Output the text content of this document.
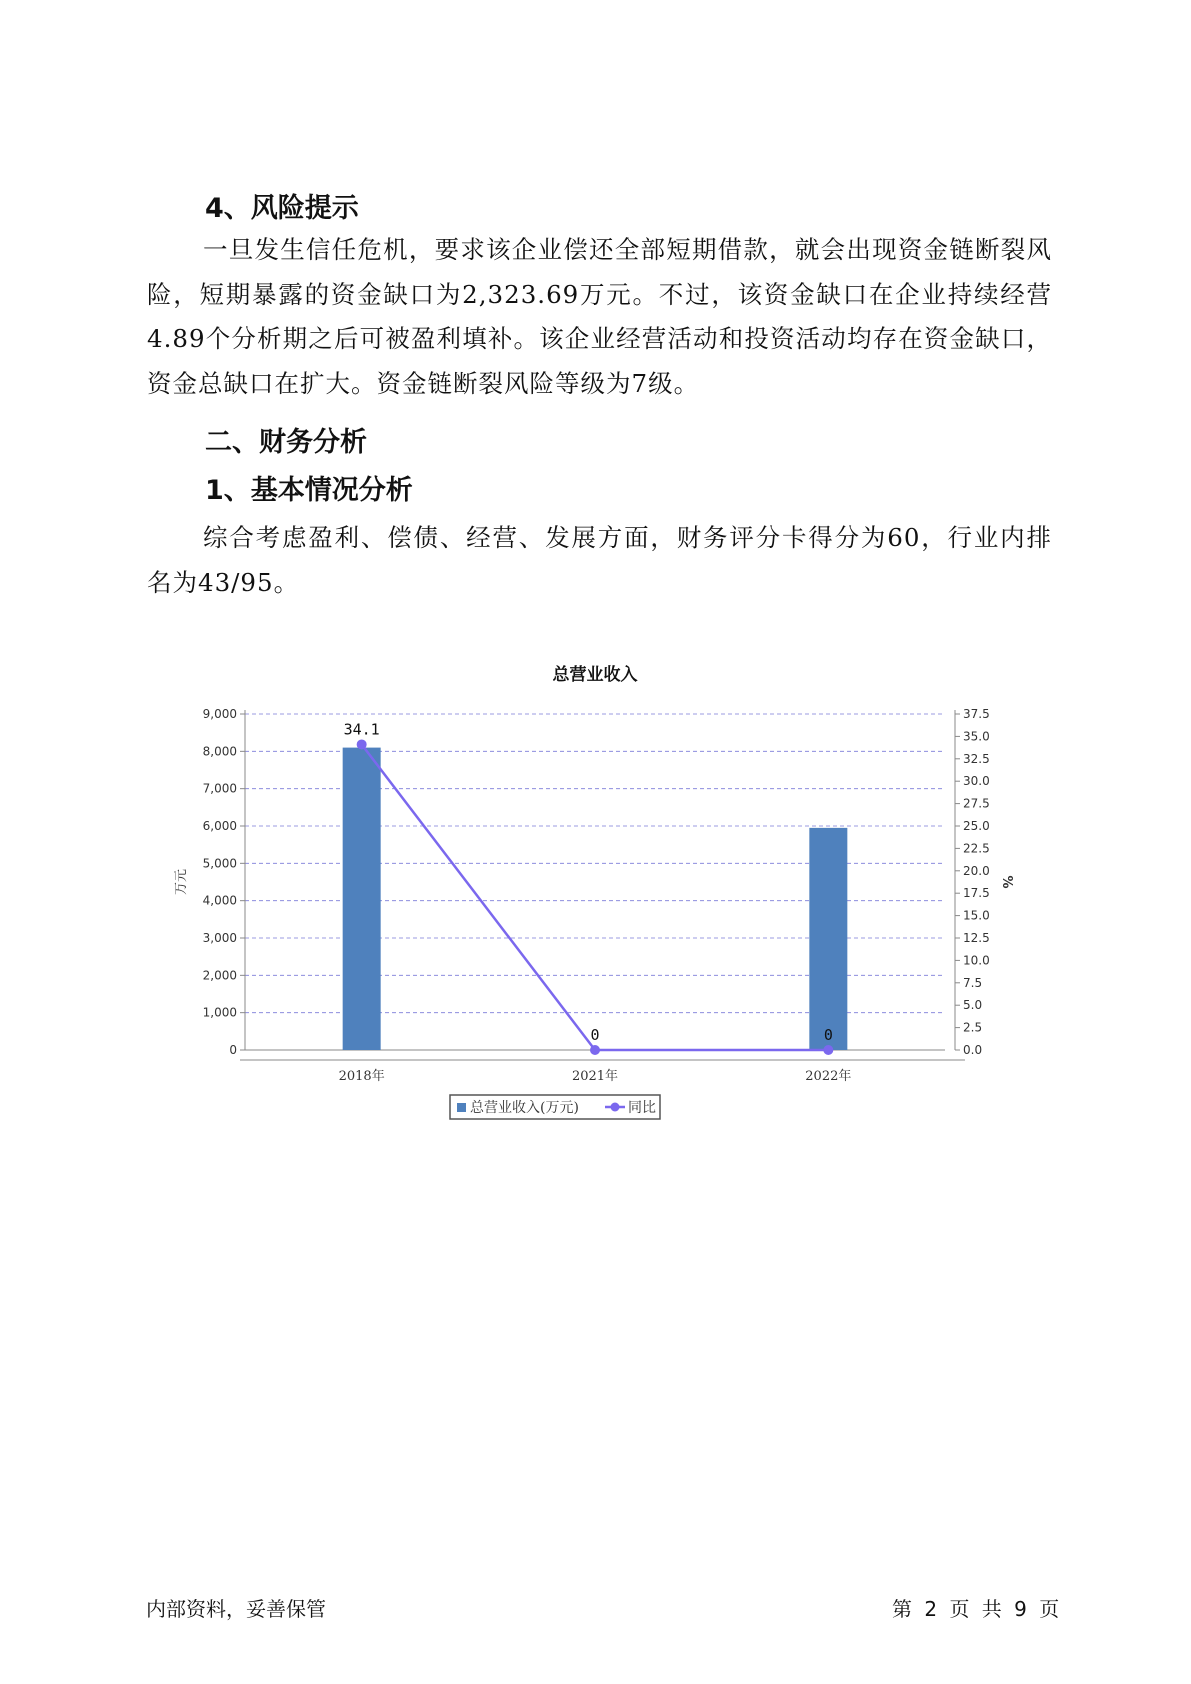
4、风险提示

一旦发生信任危机，要求该企业偿还全部短期借款，就会出现资金链断裂风险，短期暴露的资金缺口为2,323.69万元。不过，该资金缺口在企业持续经营 4.89个分析期之后可被盈利填补。该企业经营活动和投资活动均存在资金缺口，资金总缺口在扩大。资金链断裂风险等级为7级。

二、财务分析
1、基本情况分析

综合考虑盈利、偿债、经营、发展方面，财务评分卡得分为60，行业内排名为43/95。

总营业收入
0
1,000
2,000
3,000
4,000
5,000
6,000
7,000
8,000
9,000
0.0
2.5
5.0
7.5
10.0
12.5
15.0
17.5
20.0
22.5
25.0
27.5
30.0
32.5
35.0
37.5
万元	%
2018年	2021年	2022年
34.1
0	0
总营业收入(万元)	同比
内部资料，妥善保管	第 2 页 共 9 页
